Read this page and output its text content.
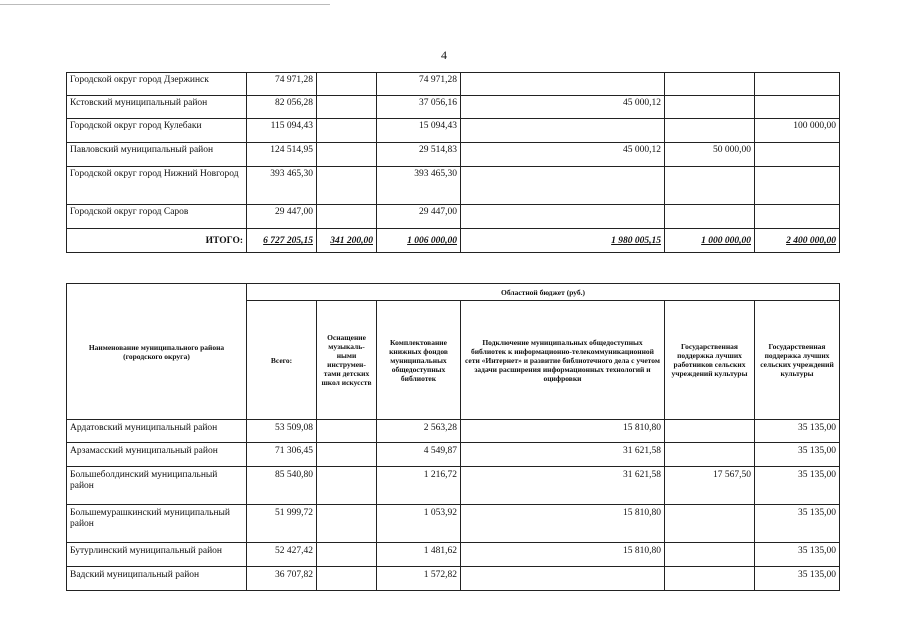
4
Городской округ город Дзержинск	74 971,28		74 971,28			
Кстовский муниципальный район	82 056,28		37 056,16	45 000,12		
Городской округ город Кулебаки	115 094,43		15 094,43			100 000,00
Павловский муниципальный район	124 514,95		29 514,83	45 000,12	50 000,00	
Городской округ город Нижний Новгород	393 465,30		393 465,30			
Городской округ город Саров	29 447,00		29 447,00			
ИТОГО:	6 727 205,15	341 200,00	1 006 000,00	1 980 005,15	1 000 000,00	2 400 000,00
Наименование муниципального района (городского округа)	Областной бюджет (руб.)					
	Всего:	Оснащение музыкаль-ными инструмен-тами детских школ искусств	Комплектование книжных фондов муниципальных общедоступных библиотек	Подключение муниципальных общедоступных библиотек к информационно-телекоммуникационной сети «Интернет» и развитие библиотечного дела с учетом задачи расширения информационных технологий и оцифровки	Государственная поддержка лучших работников сельских учреждений культуры	Государственная поддержка лучших сельских учреждений культуры
Ардатовский муниципальный район	53 509,08		2 563,28	15 810,80		35 135,00
Арзамасский муниципальный район	71 306,45		4 549,87	31 621,58		35 135,00
Большеболдинский муниципальный район	85 540,80		1 216,72	31 621,58	17 567,50	35 135,00
Большемурашкинский муниципальный район	51 999,72		1 053,92	15 810,80		35 135,00
Бутурлинский муниципальный район	52 427,42		1 481,62	15 810,80		35 135,00
Вадский муниципальный район	36 707,82		1 572,82			35 135,00
